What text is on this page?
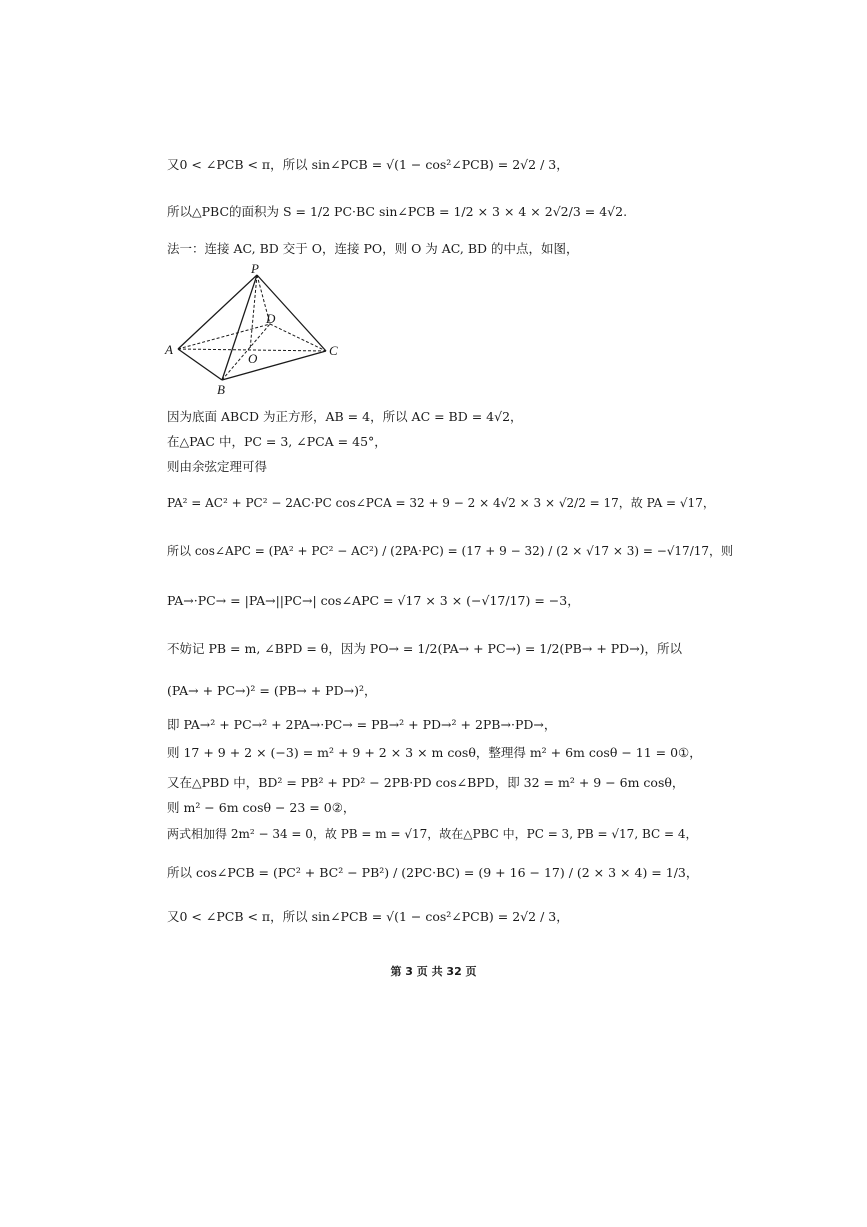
又0 < ∠PCB < π，所以 sin∠PCB = √(1 − cos²∠PCB) = 2√2 / 3，
所以△PBC的面积为 S = 1/2 PC·BC sin∠PCB = 1/2 × 3 × 4 × 2√2/3 = 4√2.
法一：连接 AC, BD 交于 O，连接 PO，则 O 为 AC, BD 的中点，如图，
P
A
B
C
D
O
因为底面 ABCD 为正方形，AB = 4，所以 AC = BD = 4√2，
在△PAC 中，PC = 3, ∠PCA = 45°，
则由余弦定理可得
PA² = AC² + PC² − 2AC·PC cos∠PCA = 32 + 9 − 2 × 4√2 × 3 × √2/2 = 17，故 PA = √17，
所以 cos∠APC = (PA² + PC² − AC²) / (2PA·PC) = (17 + 9 − 32) / (2 × √17 × 3) = −√17/17，则
PA→·PC→ = |PA→||PC→| cos∠APC = √17 × 3 × (−√17/17) = −3，
不妨记 PB = m, ∠BPD = θ，因为 PO→ = 1/2(PA→ + PC→) = 1/2(PB→ + PD→)，所以
(PA→ + PC→)² = (PB→ + PD→)²，
即 PA→² + PC→² + 2PA→·PC→ = PB→² + PD→² + 2PB→·PD→，
则 17 + 9 + 2 × (−3) = m² + 9 + 2 × 3 × m cosθ，整理得 m² + 6m cosθ − 11 = 0①，
又在△PBD 中，BD² = PB² + PD² − 2PB·PD cos∠BPD，即 32 = m² + 9 − 6m cosθ，
则 m² − 6m cosθ − 23 = 0②，
两式相加得 2m² − 34 = 0，故 PB = m = √17，故在△PBC 中，PC = 3, PB = √17, BC = 4，
所以 cos∠PCB = (PC² + BC² − PB²) / (2PC·BC) = (9 + 16 − 17) / (2 × 3 × 4) = 1/3，
又0 < ∠PCB < π，所以 sin∠PCB = √(1 − cos²∠PCB) = 2√2 / 3，
第 3 页 共 32 页
